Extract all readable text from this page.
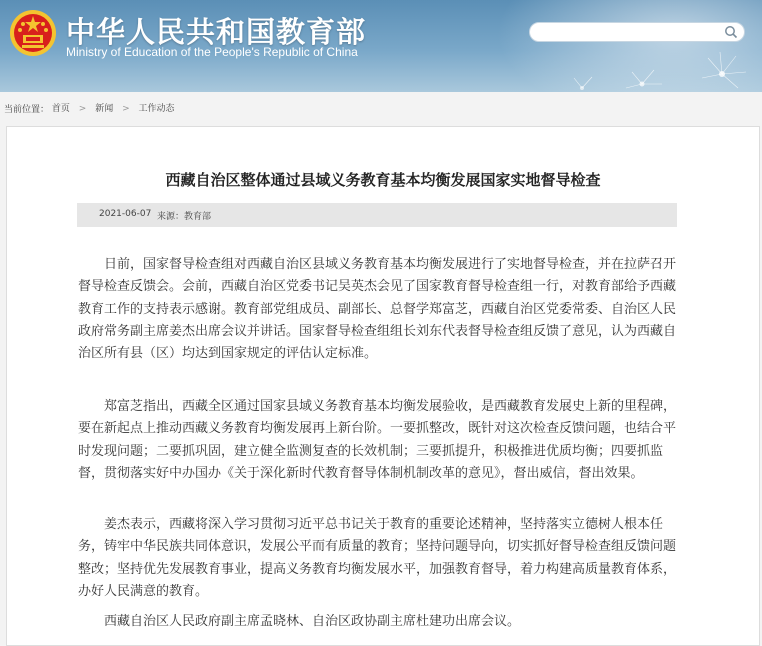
中华人民共和国教育部
Ministry of Education of the People's Republic of China
当前位置： 首页 > 新闻 > 工作动态
西藏自治区整体通过县域义务教育基本均衡发展国家实地督导检查
2021-06-07 来源：教育部

日前，国家督导检查组对西藏自治区县域义务教育基本均衡发展进行了实地督导检查，并在拉萨召开督导检查反馈会。会前，西藏自治区党委书记吴英杰会见了国家教育督导检查组一行，对教育部给予西藏教育工作的支持表示感谢。教育部党组成员、副部长、总督学郑富芝，西藏自治区党委常委、自治区人民政府常务副主席姜杰出席会议并讲话。国家督导检查组组长刘东代表督导检查组反馈了意见，认为西藏自治区所有县（区）均达到国家规定的评估认定标准。

郑富芝指出，西藏全区通过国家县域义务教育基本均衡发展验收，是西藏教育发展史上新的里程碑，要在新起点上推动西藏义务教育均衡发展再上新台阶。一要抓整改，既针对这次检查反馈问题，也结合平时发现问题；二要抓巩固，建立健全监测复查的长效机制；三要抓提升，积极推进优质均衡；四要抓监督，贯彻落实好中办国办《关于深化新时代教育督导体制机制改革的意见》，督出威信，督出效果。

姜杰表示，西藏将深入学习贯彻习近平总书记关于教育的重要论述精神，坚持落实立德树人根本任务，铸牢中华民族共同体意识，发展公平而有质量的教育；坚持问题导向，切实抓好督导检查组反馈问题整改；坚持优先发展教育事业，提高义务教育均衡发展水平，加强教育督导，着力构建高质量教育体系，办好人民满意的教育。

西藏自治区人民政府副主席孟晓林、自治区政协副主席杜建功出席会议。
